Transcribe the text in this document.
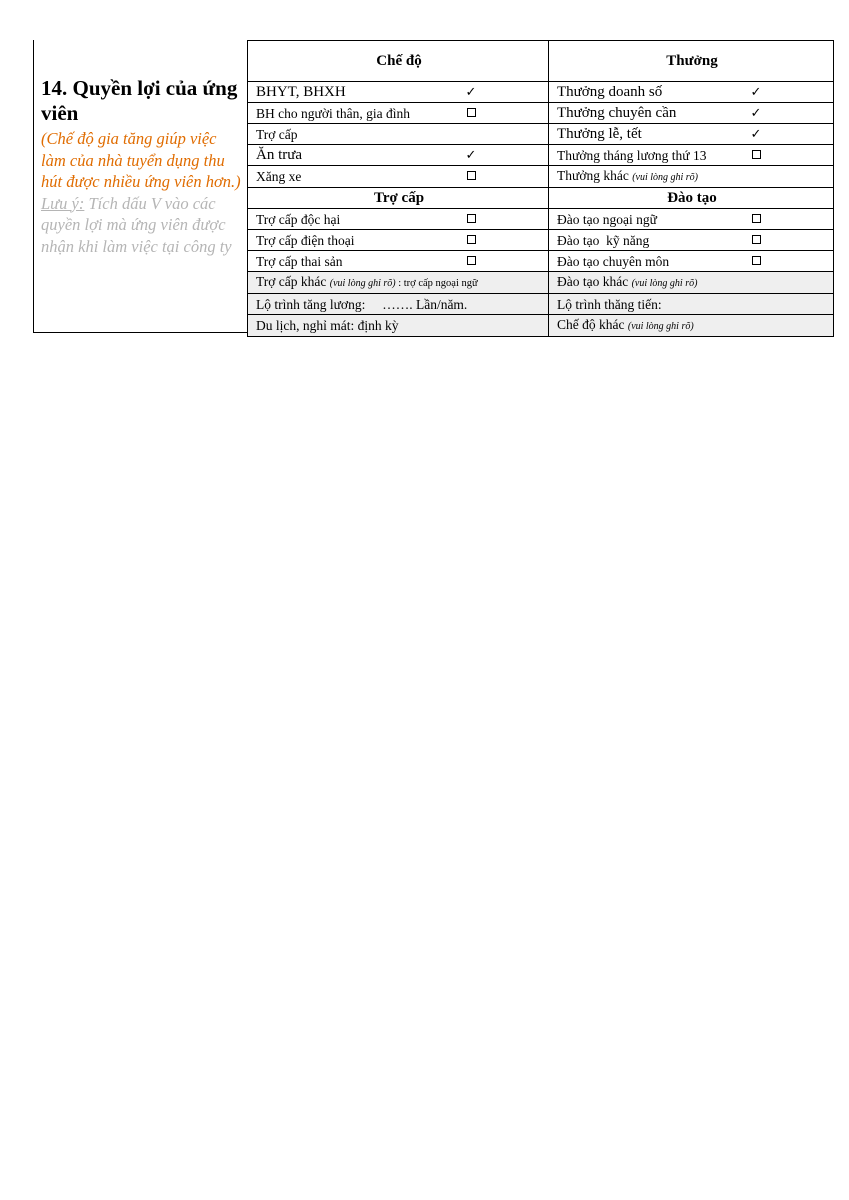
14. Quyền lợi của ứng viên
(Chế độ gia tăng giúp việc làm của nhà tuyển dụng thu hút được nhiều ứng viên hơn.)
Lưu ý: Tích dấu V vào các quyền lợi mà ứng viên được nhận khi làm việc tại công ty
Chế độ	Thưởng

BHYT, BHXH ✓	Thưởng doanh số ✓

BH cho người thân, gia đình	Thưởng chuyên cần ✓

Trợ cấp	Thưởng lễ, tết ✓

Ăn trưa ✓	Thưởng tháng lương thứ 13

Xăng xe	Thưởng khác (vui lòng ghi rõ)

Trợ cấp	Đào tạo

Trợ cấp độc hại	Đào tạo ngoại ngữ

Trợ cấp điện thoại	Đào tạo  kỹ năng

Trợ cấp thai sản	Đào tạo chuyên môn

Trợ cấp khác (vui lòng ghi rõ) : trợ cấp ngoại ngữ	Đào tạo khác (vui lòng ghi rõ)
Lộ trình tăng lương: ……. Lần/năm.	Lộ trình thăng tiến:
Du lịch, nghỉ mát: định kỳ	Chế độ khác (vui lòng ghi rõ)
